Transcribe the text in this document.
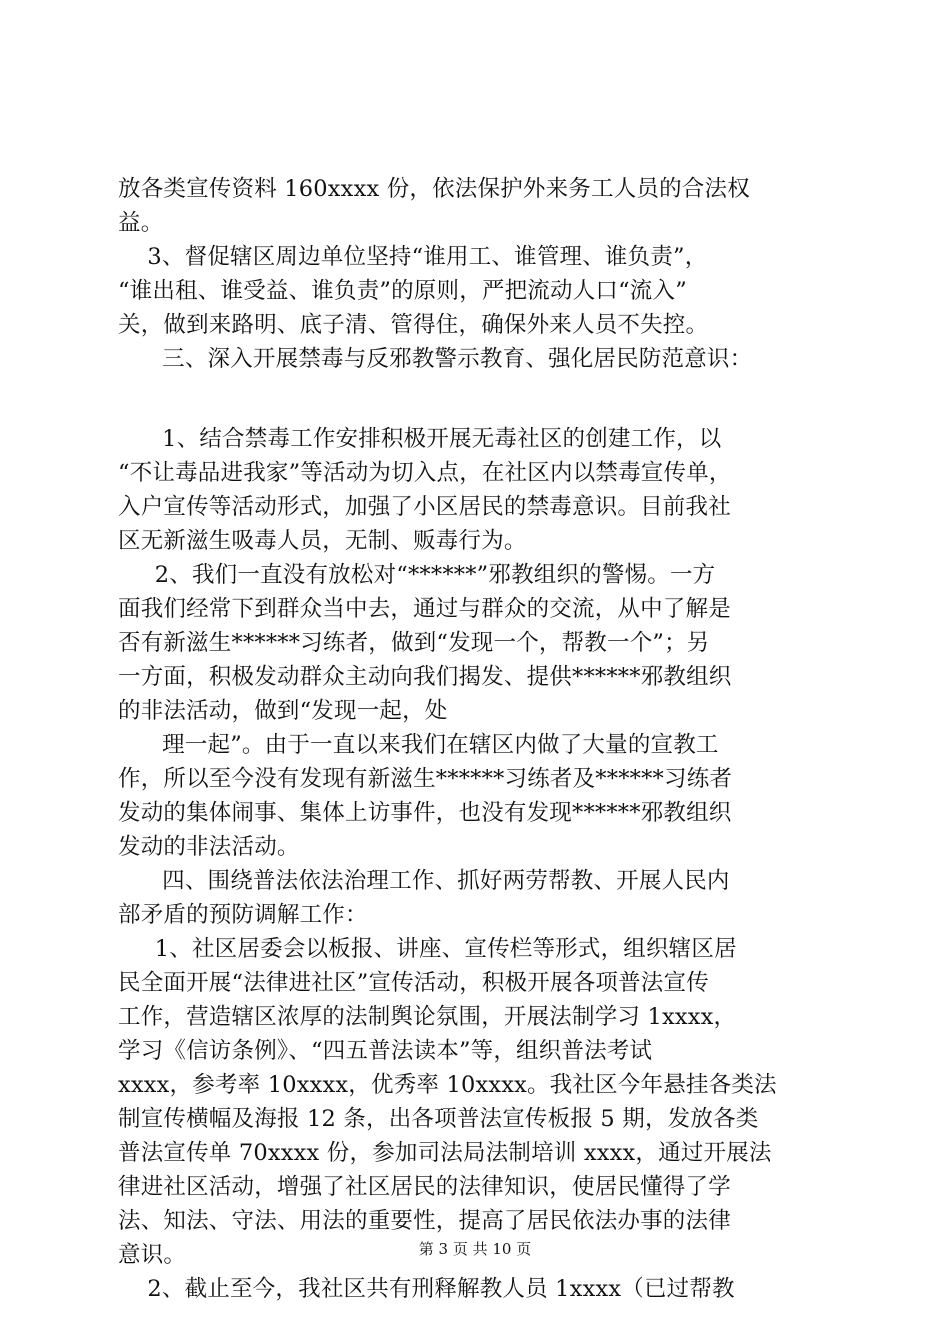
放各类宣传资料 160xxxx 份，依法保护外来务工人员的合法权
益。
3、督促辖区周边单位坚持“谁用工、谁管理、谁负责”，
“谁出租、谁受益、谁负责”的原则，严把流动人口“流入”
关，做到来路明、底子清、管得住，确保外来人员不失控。
三、深入开展禁毒与反邪教警示教育、强化居民防范意识：
1、结合禁毒工作安排积极开展无毒社区的创建工作，以
“不让毒品进我家”等活动为切入点，在社区内以禁毒宣传单，
入户宣传等活动形式，加强了小区居民的禁毒意识。目前我社
区无新滋生吸毒人员，无制、贩毒行为。
2、我们一直没有放松对“******”邪教组织的警惕。一方
面我们经常下到群众当中去，通过与群众的交流，从中了解是
否有新滋生******习练者，做到“发现一个，帮教一个”；另
一方面，积极发动群众主动向我们揭发、提供******邪教组织
的非法活动，做到“发现一起，处
理一起”。由于一直以来我们在辖区内做了大量的宣教工
作，所以至今没有发现有新滋生******习练者及******习练者
发动的集体闹事、集体上访事件，也没有发现******邪教组织
发动的非法活动。
四、围绕普法依法治理工作、抓好两劳帮教、开展人民内
部矛盾的预防调解工作：
1、社区居委会以板报、讲座、宣传栏等形式，组织辖区居
民全面开展“法律进社区”宣传活动，积极开展各项普法宣传
工作，营造辖区浓厚的法制舆论氛围，开展法制学习 1xxxx，
学习《信访条例》、“四五普法读本”等，组织普法考试
xxxx，参考率 10xxxx，优秀率 10xxxx。我社区今年悬挂各类法
制宣传横幅及海报 12 条，出各项普法宣传板报 5 期，发放各类
普法宣传单 70xxxx 份，参加司法局法制培训 xxxx，通过开展法
律进社区活动，增强了社区居民的法律知识，使居民懂得了学
法、知法、守法、用法的重要性，提高了居民依法办事的法律
意识。
2、截止至今，我社区共有刑释解教人员 1xxxx（已过帮教
第 3 页 共 10 页
